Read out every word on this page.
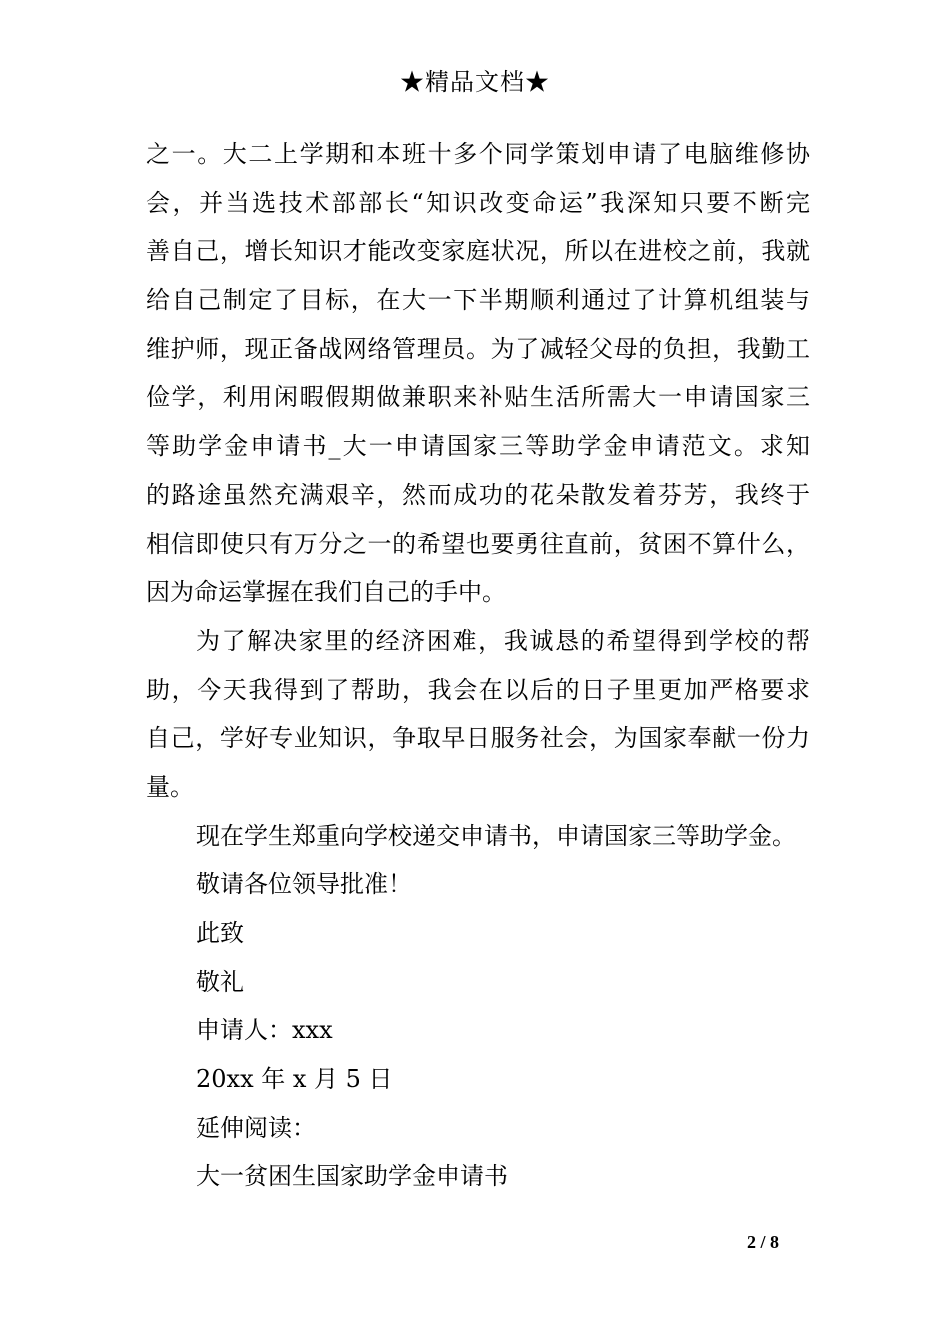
★精品文档★
之一。大二上学期和本班十多个同学策划申请了电脑维修协
会，并当选技术部部长“知识改变命运”我深知只要不断完
善自己，增长知识才能改变家庭状况，所以在进校之前，我就
给自己制定了目标，在大一下半期顺利通过了计算机组装与
维护师，现正备战网络管理员。为了减轻父母的负担，我勤工
俭学，利用闲暇假期做兼职来补贴生活所需大一申请国家三
等助学金申请书_大一申请国家三等助学金申请范文。求知
的路途虽然充满艰辛，然而成功的花朵散发着芬芳，我终于
相信即使只有万分之一的希望也要勇往直前，贫困不算什么，
因为命运掌握在我们自己的手中。
为了解决家里的经济困难，我诚恳的希望得到学校的帮
助，今天我得到了帮助，我会在以后的日子里更加严格要求
自己，学好专业知识，争取早日服务社会，为国家奉献一份力
量。
现在学生郑重向学校递交申请书，申请国家三等助学金。
敬请各位领导批准！
此致
敬礼
申请人：xxx
20xx 年 x 月 5 日
延伸阅读：
大一贫困生国家助学金申请书
2 / 8
